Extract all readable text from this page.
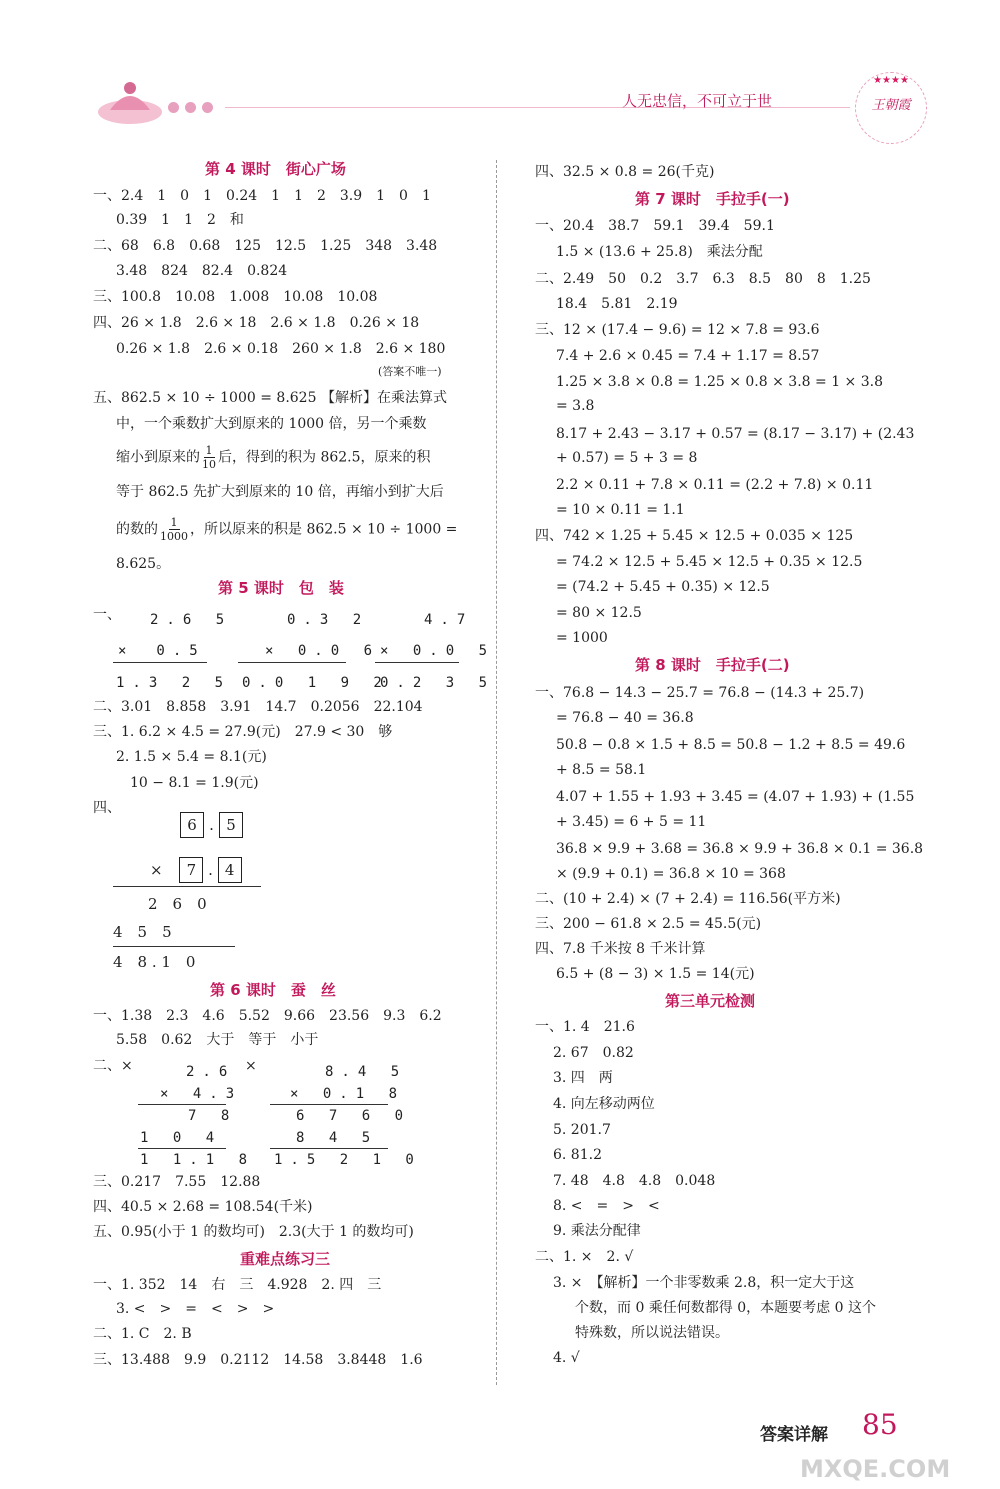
人无忠信，不可立于世
★★★★
王朝霞
第 4 课时　街心广场
一、2.4　1　0　1　0.24　1　1　2　3.9　1　0　1
0.39　1　1　2　和
二、68　6.8　0.68　125　12.5　1.25　348　3.48
3.48　824　82.4　0.824
三、100.8　10.08　1.008　10.08　10.08
四、26 × 1.8　2.6 × 18　2.6 × 1.8　0.26 × 18
0.26 × 1.8　2.6 × 0.18　260 × 1.8　2.6 × 180
(答案不唯一)
五、862.5 × 10 ÷ 1000 = 8.625 【解析】在乘法算式
中，一个乘数扩大到原来的 1000 倍，另一个乘数
缩小到原来的 $\frac{1}{10}$ 后，得到的积为 862.5，原来的积
等于 862.5 先扩大到原来的 10 倍，再缩小到扩大后
的数的 $\frac{1}{1000}$ ，所以原来的积是 862.5 × 10 ÷ 1000 =
8.625。
第 5 课时　包　装
一、 2.6 5
×　0.5
1.3 2 5
0.3 2
× 0.0 6
0.0 1 9 2
4.7
× 0.0 5
0.2 3 5
二、3.01　8.858　3.91　14.7　0.2056　22.104
三、1. 6.2 × 4.5 = 27.9(元)　27.9 < 30　够
2. 1.5 × 5.4 = 8.1(元)
10 − 8.1 = 1.9(元)
四、
6 . 5
× 7 . 4
2　6　0
4　5　5
4　8 . 1　0
第 6 课时　蚕　丝
一、1.38　2.3　4.6　5.52　9.66　23.56　9.3　6.2
5.58　0.62　大于　等于　小于
二、×	×
2.6
× 4.3
7 8
1 0 4
1 1.1 8
8.4 5
× 0.1 8
6 7 6 0
8 4 5
1.5 2 1 0
三、0.217　7.55　12.88
四、40.5 × 2.68 = 108.54(千米)
五、0.95(小于 1 的数均可)　2.3(大于 1 的数均可)
重难点练习三
一、1. 352　14　右　三　4.928　2. 四　三
3. <　>　=　<　>　>
二、1. C　2. B
三、13.488　9.9　0.2112　14.58　3.8448　1.6
四、32.5 × 0.8 = 26(千克)
第 7 课时　手拉手(一)
一、20.4　38.7　59.1　39.4　59.1
1.5 × (13.6 + 25.8)　乘法分配
二、2.49　50　0.2　3.7　6.3　8.5　80　8　1.25
18.4　5.81　2.19
三、12 × (17.4 − 9.6) = 12 × 7.8 = 93.6
7.4 + 2.6 × 0.45 = 7.4 + 1.17 = 8.57
1.25 × 3.8 × 0.8 = 1.25 × 0.8 × 3.8 = 1 × 3.8
= 3.8
8.17 + 2.43 − 3.17 + 0.57 = (8.17 − 3.17) + (2.43
+ 0.57) = 5 + 3 = 8
2.2 × 0.11 + 7.8 × 0.11 = (2.2 + 7.8) × 0.11
= 10 × 0.11 = 1.1
四、742 × 1.25 + 5.45 × 12.5 + 0.035 × 125
= 74.2 × 12.5 + 5.45 × 12.5 + 0.35 × 12.5
= (74.2 + 5.45 + 0.35) × 12.5
= 80 × 12.5
= 1000
第 8 课时　手拉手(二)
一、76.8 − 14.3 − 25.7 = 76.8 − (14.3 + 25.7)
= 76.8 − 40 = 36.8
50.8 − 0.8 × 1.5 + 8.5 = 50.8 − 1.2 + 8.5 = 49.6
+ 8.5 = 58.1
4.07 + 1.55 + 1.93 + 3.45 = (4.07 + 1.93) + (1.55
+ 3.45) = 6 + 5 = 11
36.8 × 9.9 + 3.68 = 36.8 × 9.9 + 36.8 × 0.1 = 36.8
× (9.9 + 0.1) = 36.8 × 10 = 368
二、(10 + 2.4) × (7 + 2.4) = 116.56(平方米)
三、200 − 61.8 × 2.5 = 45.5(元)
四、7.8 千米按 8 千米计算
6.5 + (8 − 3) × 1.5 = 14(元)
第三单元检测
一、1. 4　21.6
2. 67　0.82
3. 四　两
4. 向左移动两位
5. 201.7
6. 81.2
7. 48　4.8　4.8　0.048
8. <　=　>　<
9. 乘法分配律
二、1. ×　2. √
3. ×　【解析】一个非零数乘 2.8，积一定大于这
个数，而 0 乘任何数都得 0，本题要考虑 0 这个
特殊数，所以说法错误。
4. √
答案详解 85
MXQE.COM
